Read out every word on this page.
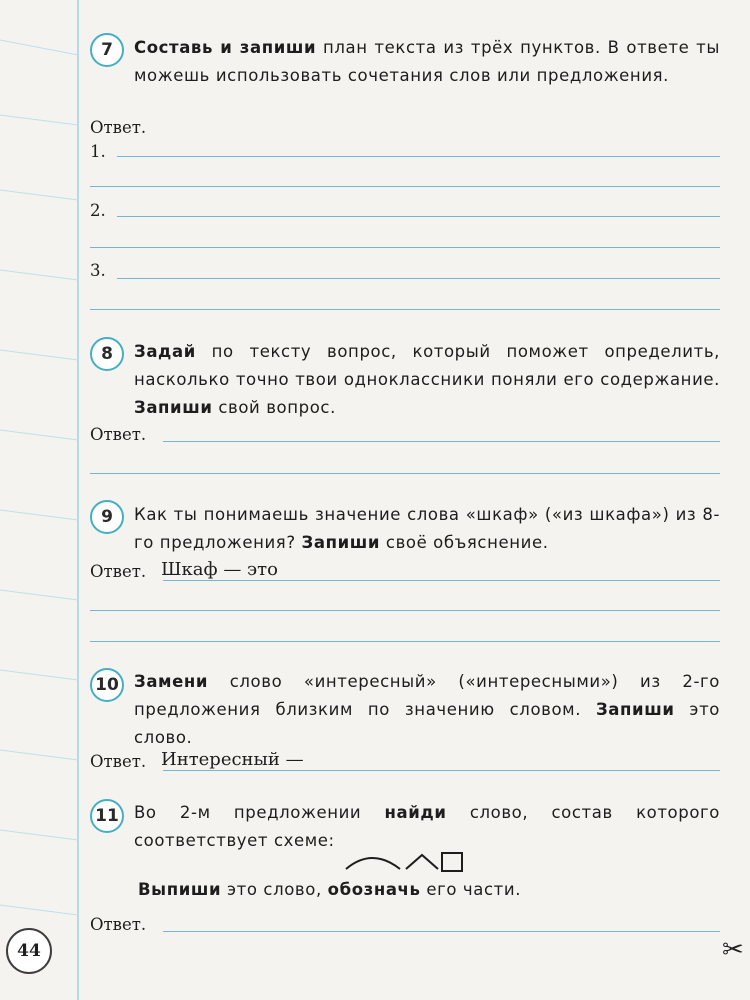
7	Составь и запиши план текста из трёх пунктов. В ответе ты можешь использовать сочетания слов или предложения.
Ответ.
1.
2.
3.
8	Задай по тексту вопрос, который поможет определить, насколько точно твои одноклассники поняли его содержание. Запиши свой вопрос.
Ответ.
9	Как ты понимаешь значение слова «шкаф» («из шкафа») из 8-го предложения? Запиши своё объяснение.
Ответ. Шкаф — это
10 Замени слово «интересный» («интересными») из 2-го предложения близким по значению словом. Запиши это слово.
Ответ. Интересный —
11 Во 2-м предложении найди слово, состав которого соответствует схеме:
Выпиши это слово, обозначь его части.
Ответ.
44	✂
